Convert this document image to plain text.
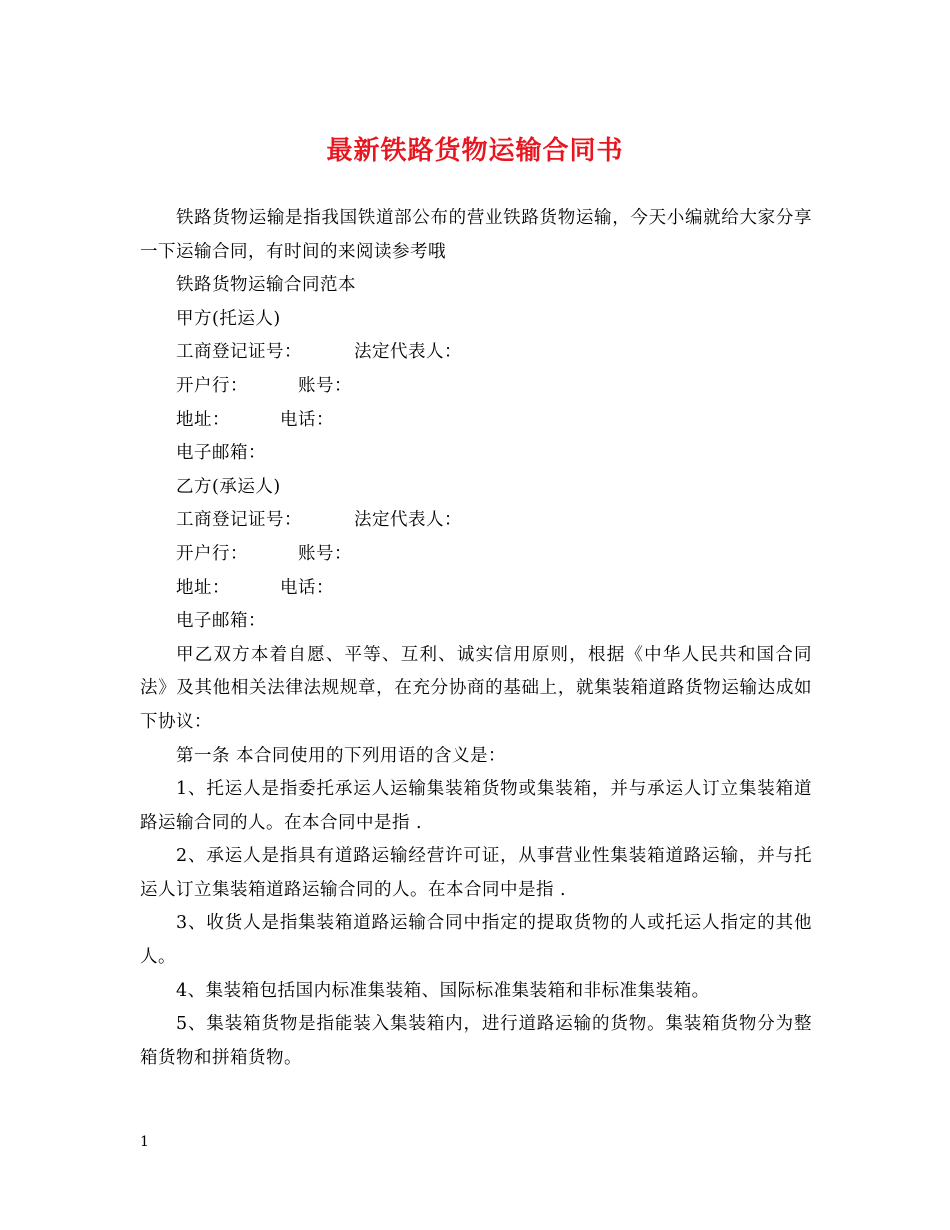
最新铁路货物运输合同书

铁路货物运输是指我国铁道部公布的营业铁路货物运输，今天小编就给大家分享一下运输合同，有时间的来阅读参考哦

铁路货物运输合同范本

甲方(托运人)

工商登记证号：	法定代表人：

开户行：	账号：

地址：	电话：

电子邮箱：

乙方(承运人)

工商登记证号：	法定代表人：

开户行：	账号：

地址：	电话：

电子邮箱：

甲乙双方本着自愿、平等、互利、诚实信用原则，根据《中华人民共和国合同法》及其他相关法律法规规章，在充分协商的基础上，就集装箱道路货物运输达成如下协议：

第一条 本合同使用的下列用语的含义是：

1、托运人是指委托承运人运输集装箱货物或集装箱，并与承运人订立集装箱道路运输合同的人。在本合同中是指 .

2、承运人是指具有道路运输经营许可证，从事营业性集装箱道路运输，并与托运人订立集装箱道路运输合同的人。在本合同中是指 .

3、收货人是指集装箱道路运输合同中指定的提取货物的人或托运人指定的其他人。

4、集装箱包括国内标准集装箱、国际标准集装箱和非标准集装箱。

5、集装箱货物是指能装入集装箱内，进行道路运输的货物。集装箱货物分为整箱货物和拼箱货物。

1
